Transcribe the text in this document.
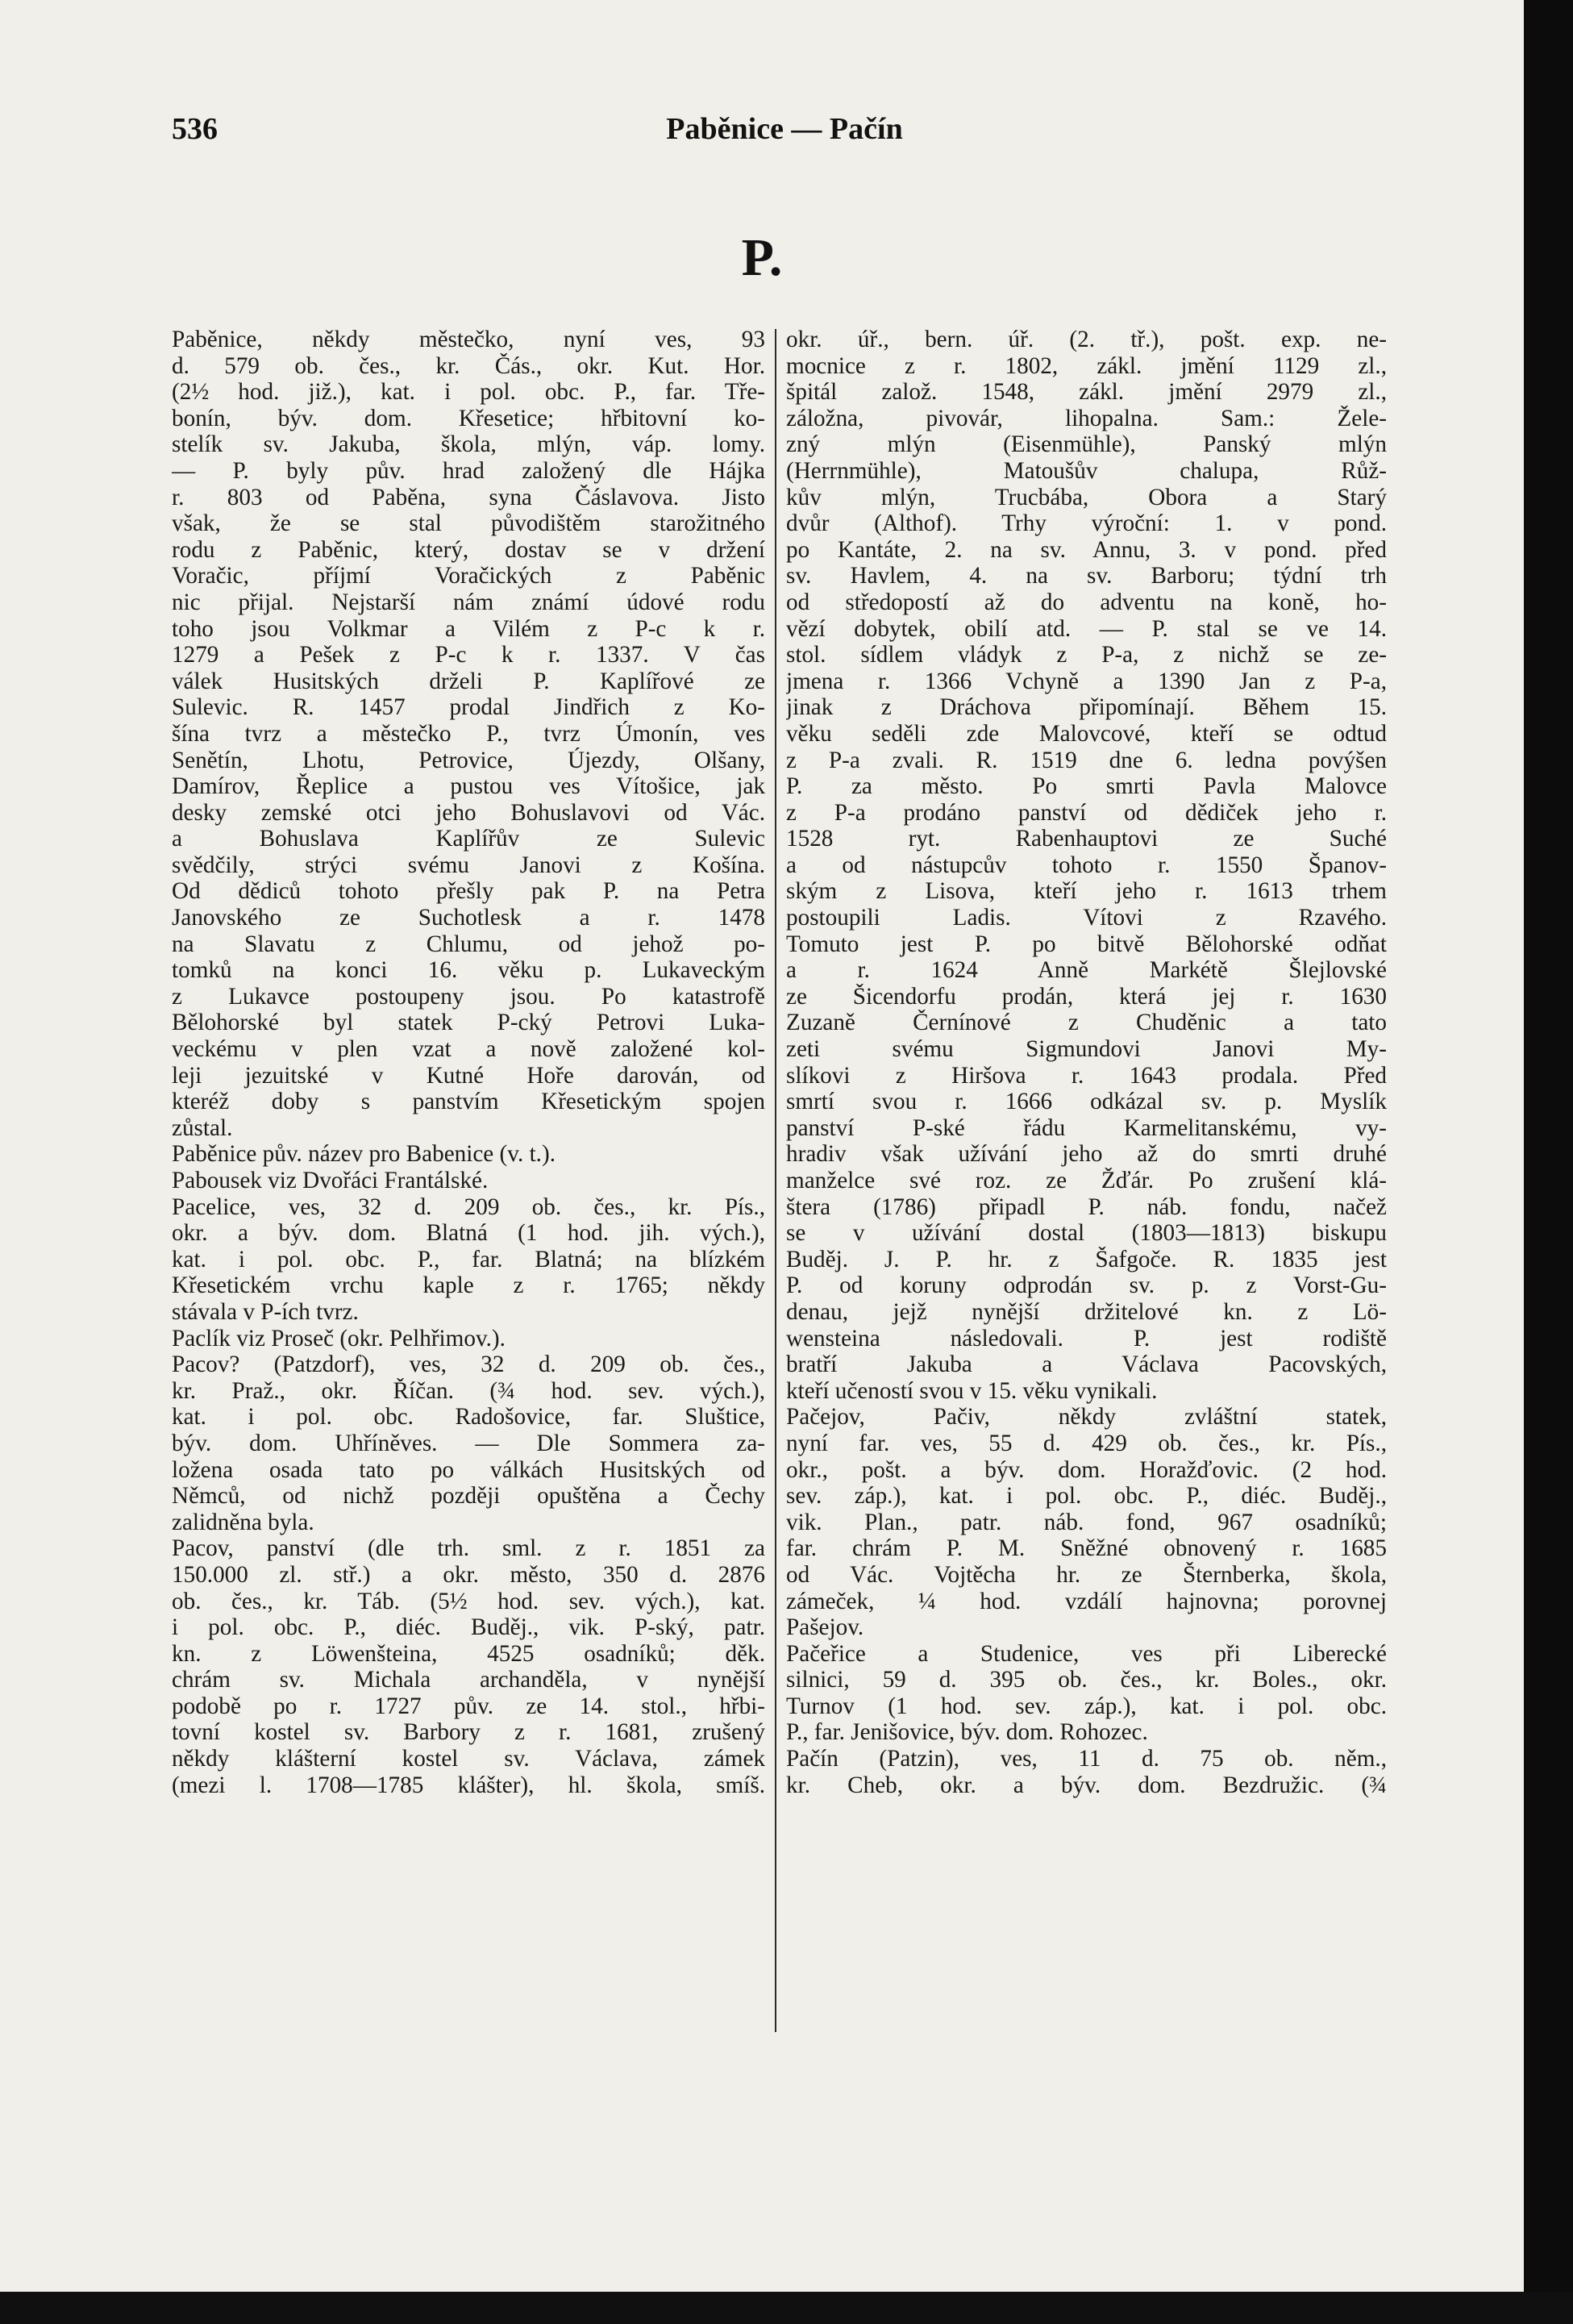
536	Paběnice — Pačín
P.
Paběnice, někdy městečko, nyní ves, 93
d. 579 ob. čes., kr. Čás., okr. Kut. Hor.
(2½ hod. již.), kat. i pol. obc. P., far. Tře-
bonín, býv. dom. Křesetice; hřbitovní ko-
stelík sv. Jakuba, škola, mlýn, váp. lomy.
— P. byly pův. hrad založený dle Hájka
r. 803 od Paběna, syna Čáslavova. Jisto
však, že se stal původištěm starožitného
rodu z Paběnic, který, dostav se v držení
Voračic, příjmí Voračických z Paběnic
nic přijal. Nejstarší nám známí údové rodu
toho jsou Volkmar a Vilém z P-c k r.
1279 a Pešek z P-c k r. 1337. V čas
válek Husitských drželi P. Kaplířové ze
Sulevic. R. 1457 prodal Jindřich z Ko-
šína tvrz a městečko P., tvrz Úmonín, ves
Senětín, Lhotu, Petrovice, Újezdy, Olšany,
Damírov, Řeplice a pustou ves Vítošice, jak
desky zemské otci jeho Bohuslavovi od Vác.
a Bohuslava Kaplířův ze Sulevic
svědčily, strýci svému Janovi z Košína.
Od dědiců tohoto přešly pak P. na Petra
Janovského ze Suchotlesk a r. 1478
na Slavatu z Chlumu, od jehož po-
tomků na konci 16. věku p. Lukaveckým
z Lukavce postoupeny jsou. Po katastrofě
Bělohorské byl statek P-cký Petrovi Luka-
veckému v plen vzat a nově založené kol-
leji jezuitské v Kutné Hoře darován, od
kteréž doby s panstvím Křesetickým spojen
zůstal.
Paběnice pův. název pro Babenice (v. t.).
Pabousek viz Dvořáci Frantálské.
Pacelice, ves, 32 d. 209 ob. čes., kr. Pís.,
okr. a býv. dom. Blatná (1 hod. jih. vých.),
kat. i pol. obc. P., far. Blatná; na blízkém
Křesetickém vrchu kaple z r. 1765; někdy
stávala v P-ích tvrz.
Paclík viz Proseč (okr. Pelhřimov.).
Pacov? (Patzdorf), ves, 32 d. 209 ob. čes.,
kr. Praž., okr. Říčan. (¾ hod. sev. vých.),
kat. i pol. obc. Radošovice, far. Sluštice,
býv. dom. Uhříněves. — Dle Sommera za-
ložena osada tato po válkách Husitských od
Němců, od nichž později opuštěna a Čechy
zalidněna byla.
Pacov, panství (dle trh. sml. z r. 1851 za
150.000 zl. stř.) a okr. město, 350 d. 2876
ob. čes., kr. Táb. (5½ hod. sev. vých.), kat.
i pol. obc. P., diéc. Buděj., vik. P-ský, patr.
kn. z Löwenšteina, 4525 osadníků; děk.
chrám sv. Michala archanděla, v nynější
podobě po r. 1727 pův. ze 14. stol., hřbi-
tovní kostel sv. Barbory z r. 1681, zrušený
někdy klášterní kostel sv. Václava, zámek
(mezi l. 1708—1785 klášter), hl. škola, smíš.
okr. úř., bern. úř. (2. tř.), pošt. exp. ne-
mocnice z r. 1802, zákl. jmění 1129 zl.,
špitál založ. 1548, zákl. jmění 2979 zl.,
záložna, pivovár, lihopalna. Sam.: Žele-
zný mlýn (Eisenmühle), Panský mlýn
(Herrnmühle), Matoušův chalupa, Růž-
kův mlýn, Trucbába, Obora a Starý
dvůr (Althof). Trhy výroční: 1. v pond.
po Kantáte, 2. na sv. Annu, 3. v pond. před
sv. Havlem, 4. na sv. Barboru; týdní trh
od středopostí až do adventu na koně, ho-
vězí dobytek, obilí atd. — P. stal se ve 14.
stol. sídlem vládyk z P-a, z nichž se ze-
jmena r. 1366 Vchyně a 1390 Jan z P-a,
jinak z Dráchova připomínají. Během 15.
věku seděli zde Malovcové, kteří se odtud
z P-a zvali. R. 1519 dne 6. ledna povýšen
P. za město. Po smrti Pavla Malovce
z P-a prodáno panství od dědiček jeho r.
1528 ryt. Rabenhauptovi ze Suché
a od nástupcův tohoto r. 1550 Španov-
ským z Lisova, kteří jeho r. 1613 trhem
postoupili Ladis. Vítovi z Rzavého.
Tomuto jest P. po bitvě Bělohorské odňat
a r. 1624 Anně Markétě Šlejlovské
ze Šicendorfu prodán, která jej r. 1630
Zuzaně Černínové z Chuděnic a tato
zeti svému Sigmundovi Janovi My-
slíkovi z Hiršova r. 1643 prodala. Před
smrtí svou r. 1666 odkázal sv. p. Myslík
panství P-ské řádu Karmelitanskému, vy-
hradiv však užívání jeho až do smrti druhé
manželce své roz. ze Žďár. Po zrušení klá-
štera (1786) připadl P. náb. fondu, načež
se v užívání dostal (1803—1813) biskupu
Buděj. J. P. hr. z Šafgoče. R. 1835 jest
P. od koruny odprodán sv. p. z Vorst-Gu-
denau, jejž nynější držitelové kn. z Lö-
wensteina následovali. P. jest rodiště
bratří Jakuba a Václava Pacovských,
kteří učeností svou v 15. věku vynikali.
Pačejov, Pačiv, někdy zvláštní statek,
nyní far. ves, 55 d. 429 ob. čes., kr. Pís.,
okr., pošt. a býv. dom. Horažďovic. (2 hod.
sev. záp.), kat. i pol. obc. P., diéc. Buděj.,
vik. Plan., patr. náb. fond, 967 osadníků;
far. chrám P. M. Sněžné obnovený r. 1685
od Vác. Vojtěcha hr. ze Šternberka, škola,
zámeček, ¼ hod. vzdálí hajnovna; porovnej
Pašejov.
Pačeřice a Studenice, ves při Liberecké
silnici, 59 d. 395 ob. čes., kr. Boles., okr.
Turnov (1 hod. sev. záp.), kat. i pol. obc.
P., far. Jenišovice, býv. dom. Rohozec.
Pačín (Patzin), ves, 11 d. 75 ob. něm.,
kr. Cheb, okr. a býv. dom. Bezdružic. (¾
